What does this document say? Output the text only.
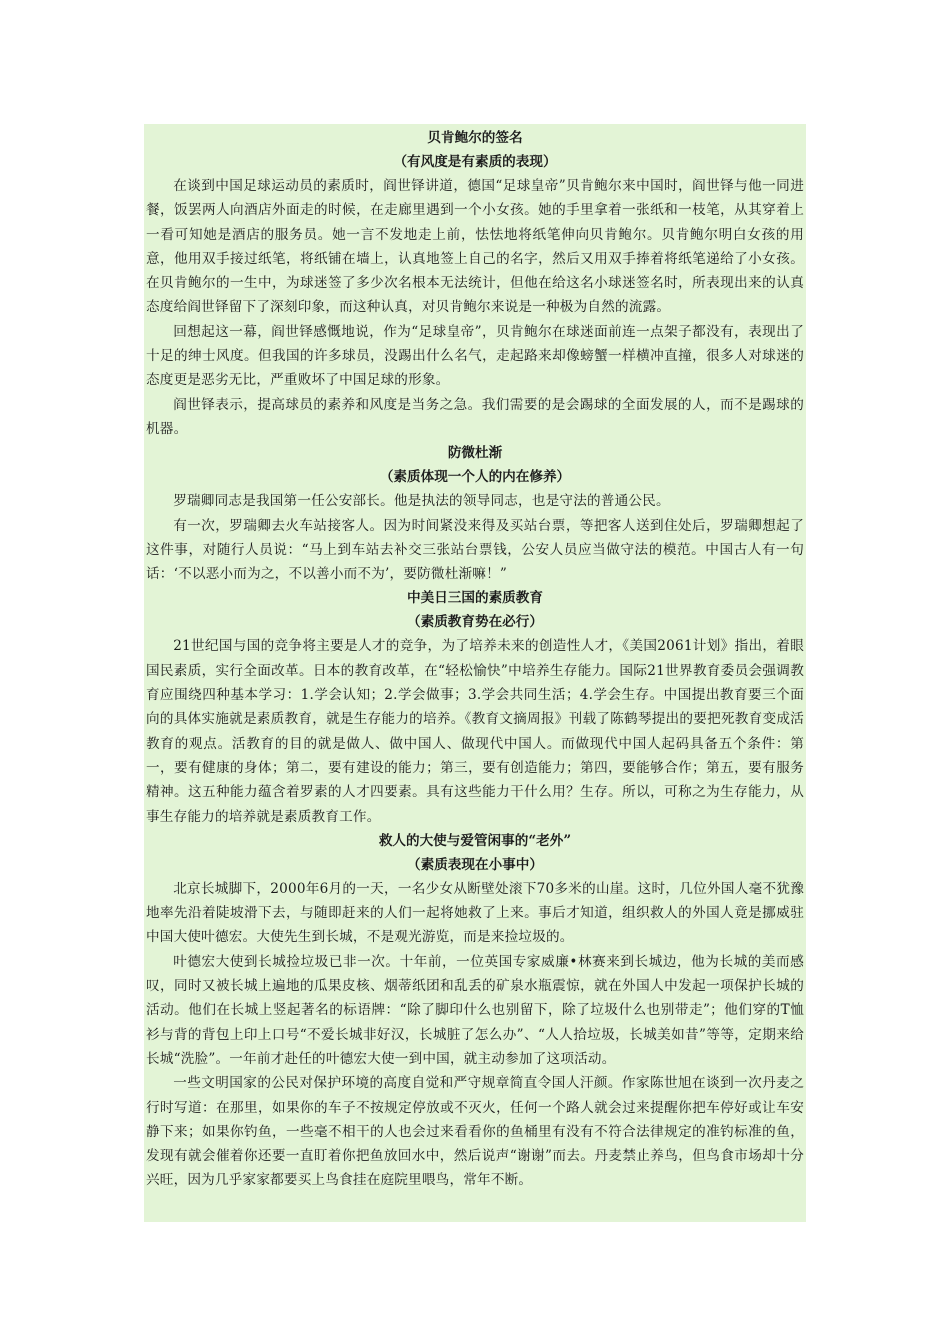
贝肯鲍尔的签名

（有风度是有素质的表现）

在谈到中国足球运动员的素质时，阎世铎讲道，德国“足球皇帝”贝肯鲍尔来中国时，阎世铎与他一同进餐，饭罢两人向酒店外面走的时候，在走廊里遇到一个小女孩。她的手里拿着一张纸和一枝笔，从其穿着上一看可知她是酒店的服务员。她一言不发地走上前，怯怯地将纸笔伸向贝肯鲍尔。贝肯鲍尔明白女孩的用意，他用双手接过纸笔，将纸铺在墙上，认真地签上自己的名字，然后又用双手捧着将纸笔递给了小女孩。在贝肯鲍尔的一生中，为球迷签了多少次名根本无法统计，但他在给这名小球迷签名时，所表现出来的认真态度给阎世铎留下了深刻印象，而这种认真，对贝肯鲍尔来说是一种极为自然的流露。

回想起这一幕，阎世铎感慨地说，作为“足球皇帝”，贝肯鲍尔在球迷面前连一点架子都没有，表现出了十足的绅士风度。但我国的许多球员，没踢出什么名气，走起路来却像螃蟹一样横冲直撞，很多人对球迷的态度更是恶劣无比，严重败坏了中国足球的形象。

阎世铎表示，提高球员的素养和风度是当务之急。我们需要的是会踢球的全面发展的人，而不是踢球的机器。

防微杜渐

（素质体现一个人的内在修养）

罗瑞卿同志是我国第一任公安部长。他是执法的领导同志，也是守法的普通公民。

有一次，罗瑞卿去火车站接客人。因为时间紧没来得及买站台票，等把客人送到住处后，罗瑞卿想起了这件事，对随行人员说：“马上到车站去补交三张站台票钱，公安人员应当做守法的模范。中国古人有一句话：‘不以恶小而为之，不以善小而不为’，要防微杜渐嘛！”

中美日三国的素质教育

（素质教育势在必行）

21世纪国与国的竞争将主要是人才的竞争，为了培养未来的创造性人才，《美国2061计划》指出，着眼国民素质，实行全面改革。日本的教育改革，在“轻松愉快”中培养生存能力。国际21世界教育委员会强调教育应围绕四种基本学习：1.学会认知；2.学会做事；3.学会共同生活；4.学会生存。中国提出教育要三个面向的具体实施就是素质教育，就是生存能力的培养。《教育文摘周报》刊载了陈鹤琴提出的要把死教育变成活教育的观点。活教育的目的就是做人、做中国人、做现代中国人。而做现代中国人起码具备五个条件：第一，要有健康的身体；第二，要有建设的能力；第三，要有创造能力；第四，要能够合作；第五，要有服务精神。这五种能力蕴含着罗素的人才四要素。具有这些能力干什么用？生存。所以，可称之为生存能力，从事生存能力的培养就是素质教育工作。

救人的大使与爱管闲事的“老外”

（素质表现在小事中）

北京长城脚下，2000年6月的一天，一名少女从断壁处滚下70多米的山崖。这时，几位外国人毫不犹豫地率先沿着陡坡滑下去，与随即赶来的人们一起将她救了上来。事后才知道，组织救人的外国人竟是挪威驻中国大使叶德宏。大使先生到长城，不是观光游览，而是来捡垃圾的。

叶德宏大使到长城捡垃圾已非一次。十年前，一位英国专家威廉•林赛来到长城边，他为长城的美而感叹，同时又被长城上遍地的瓜果皮核、烟蒂纸团和乱丢的矿泉水瓶震惊，就在外国人中发起一项保护长城的活动。他们在长城上竖起著名的标语牌：“除了脚印什么也别留下，除了垃圾什么也别带走”；他们穿的T恤衫与背的背包上印上口号“不爱长城非好汉，长城脏了怎么办”、“人人拾垃圾，长城美如昔”等等，定期来给长城“洗脸”。一年前才赴任的叶德宏大使一到中国，就主动参加了这项活动。

一些文明国家的公民对保护环境的高度自觉和严守规章简直令国人汗颜。作家陈世旭在谈到一次丹麦之行时写道：在那里，如果你的车子不按规定停放或不灭火，任何一个路人就会过来提醒你把车停好或让车安静下来；如果你钓鱼，一些毫不相干的人也会过来看看你的鱼桶里有没有不符合法律规定的准钓标准的鱼，发现有就会催着你还要一直盯着你把鱼放回水中，然后说声“谢谢”而去。丹麦禁止养鸟，但鸟食市场却十分兴旺，因为几乎家家都要买上鸟食挂在庭院里喂鸟，常年不断。
